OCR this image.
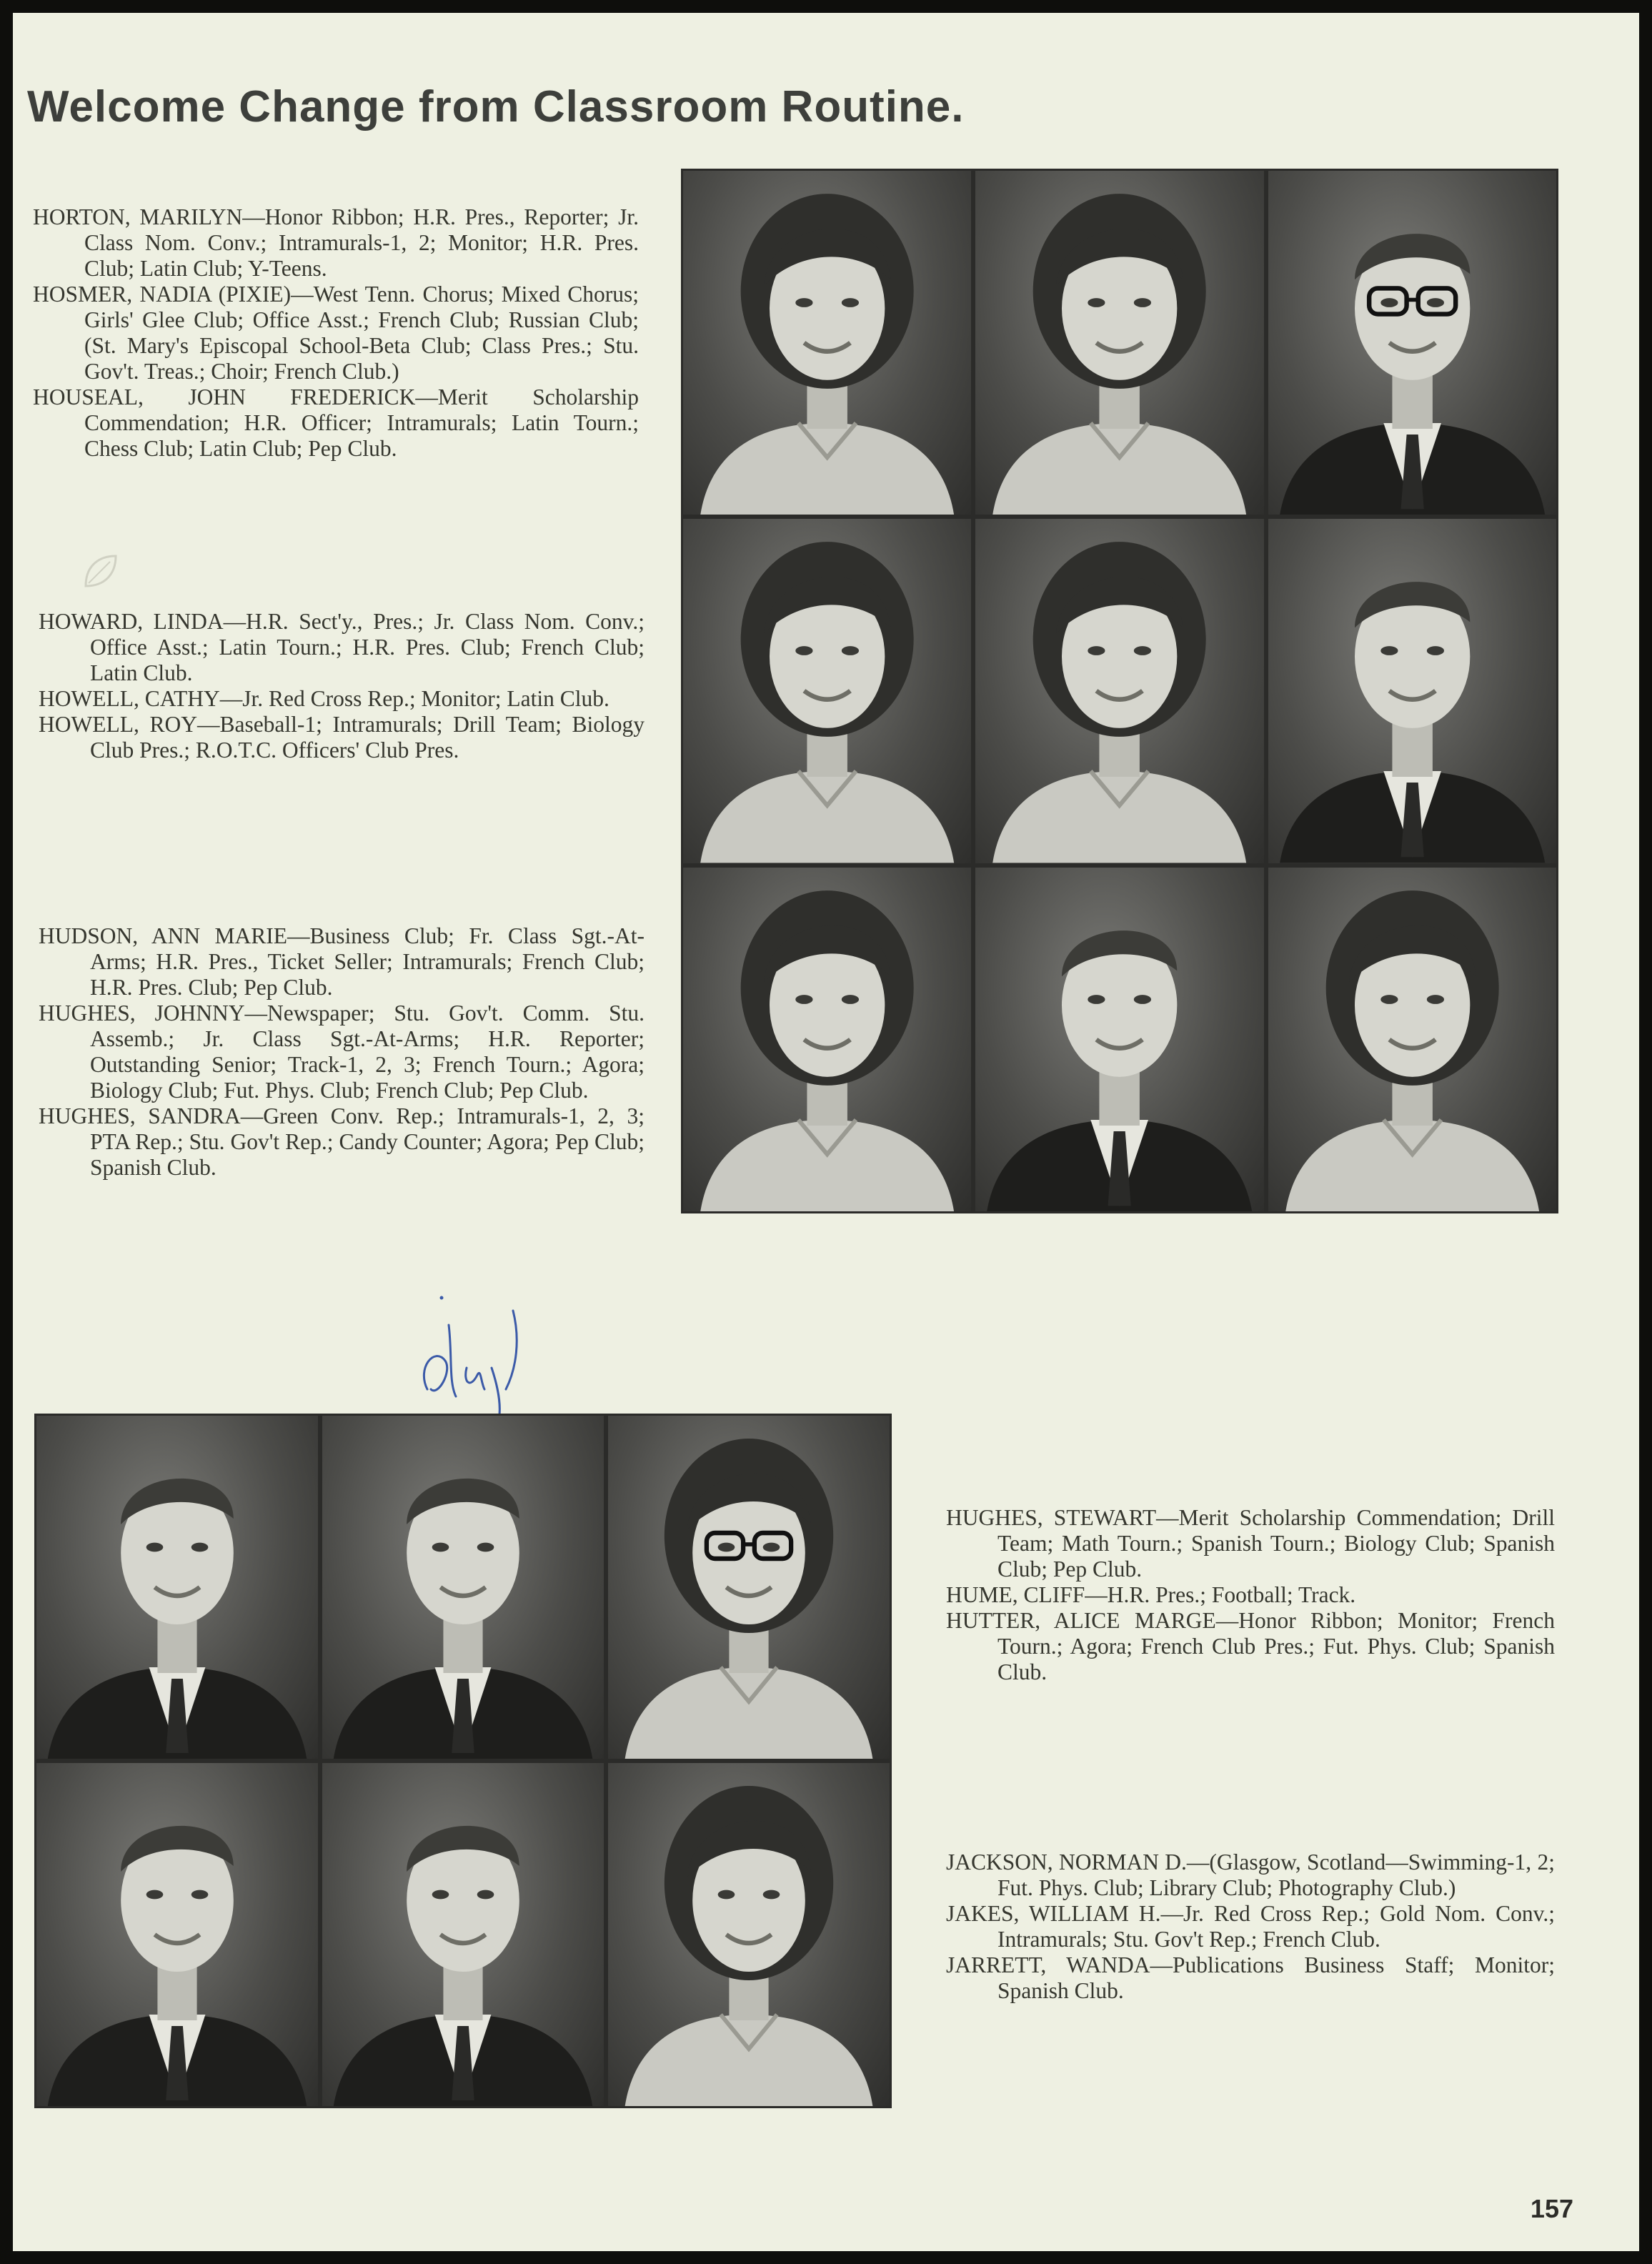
Welcome Change from Classroom Routine.

HORTON, MARILYN—Honor Ribbon; H.R. Pres., Reporter; Jr. Class Nom. Conv.; Intramurals-1, 2; Monitor; H.R. Pres. Club; Latin Club; Y-Teens.

HOSMER, NADIA (PIXIE)—West Tenn. Chorus; Mixed Chorus; Girls' Glee Club; Office Asst.; French Club; Russian Club; (St. Mary's Episcopal School-Beta Club; Class Pres.; Stu. Gov't. Treas.; Choir; French Club.)

HOUSEAL, JOHN FREDERICK—Merit Scholarship Commendation; H.R. Officer; Intramurals; Latin Tourn.; Chess Club; Latin Club; Pep Club.

HOWARD, LINDA—H.R. Sect'y., Pres.; Jr. Class Nom. Conv.; Office Asst.; Latin Tourn.; H.R. Pres. Club; French Club; Latin Club.

HOWELL, CATHY—Jr. Red Cross Rep.; Monitor; Latin Club.

HOWELL, ROY—Baseball-1; Intramurals; Drill Team; Biology Club Pres.; R.O.T.C. Officers' Club Pres.

HUDSON, ANN MARIE—Business Club; Fr. Class Sgt.-At-Arms; H.R. Pres., Ticket Seller; Intramurals; French Club; H.R. Pres. Club; Pep Club.

HUGHES, JOHNNY—Newspaper; Stu. Gov't. Comm. Stu. Assemb.; Jr. Class Sgt.-At-Arms; H.R. Reporter; Outstanding Senior; Track-1, 2, 3; French Tourn.; Agora; Biology Club; Fut. Phys. Club; French Club; Pep Club.

HUGHES, SANDRA—Green Conv. Rep.; Intramurals-1, 2, 3; PTA Rep.; Stu. Gov't Rep.; Candy Counter; Agora; Pep Club; Spanish Club.

HUGHES, STEWART—Merit Scholarship Commendation; Drill Team; Math Tourn.; Spanish Tourn.; Biology Club; Spanish Club; Pep Club.

HUME, CLIFF—H.R. Pres.; Football; Track.

HUTTER, ALICE MARGE—Honor Ribbon; Monitor; French Tourn.; Agora; French Club Pres.; Fut. Phys. Club; Spanish Club.

JACKSON, NORMAN D.—(Glasgow, Scotland—Swimming-1, 2; Fut. Phys. Club; Library Club; Photography Club.)

JAKES, WILLIAM H.—Jr. Red Cross Rep.; Gold Nom. Conv.; Intramurals; Stu. Gov't Rep.; French Club.

JARRETT, WANDA—Publications Business Staff; Monitor; Spanish Club.

157
